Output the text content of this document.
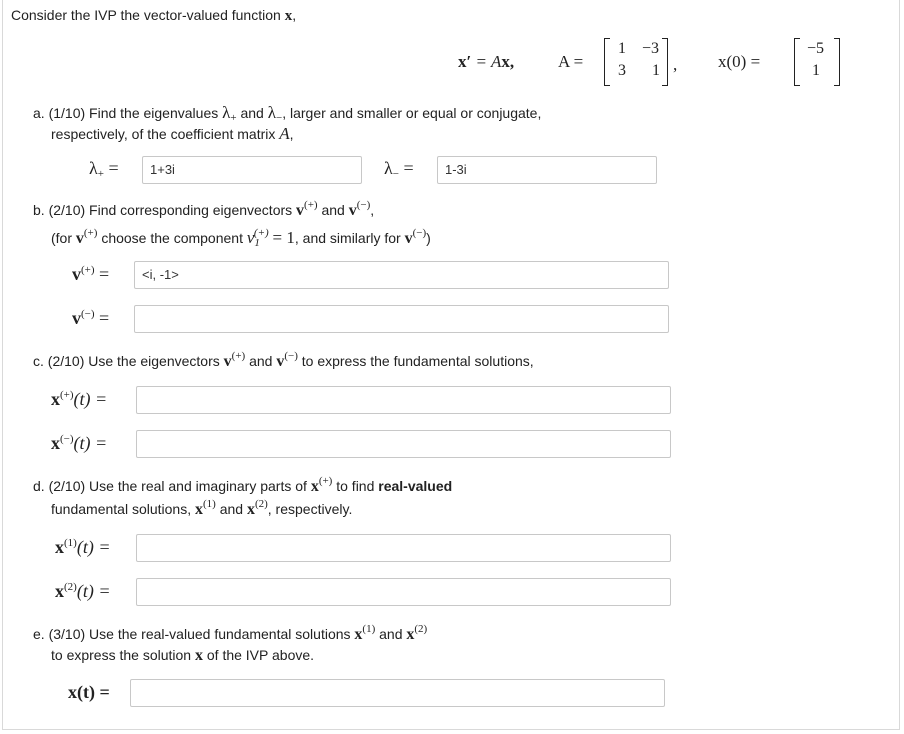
Consider the IVP the vector-valued function x,
x′ = Ax,	A =
1 −3
3 1 , x(0) =
−5
1
a. (1/10) Find the eigenvalues $\lambda_+$ and $\lambda_-$, larger and smaller or equal or conjugate,
respectively, of the coefficient matrix A,
$\lambda_+$ =	1+3i	$\lambda_-$ =	1-3i
b. (2/10) Find corresponding eigenvectors v(+) and v(−),
(for v(+) choose the component $v_1^{(+)} = 1$, and similarly for v(−))
v(+) =	<i, -1>
v(−) =
c. (2/10) Use the eigenvectors v(+) and v(−) to express the fundamental solutions,
x(+)(t) =
x(−)(t) =
d. (2/10) Use the real and imaginary parts of x(+) to find real-valued
fundamental solutions, $x^{(1)}$ and $x^{(2)}$, respectively.
$x^{(1)}(t)$ =
$x^{(2)}(t)$ =
e. (3/10) Use the real-valued fundamental solutions $x^{(1)}$ and $x^{(2)}$
to express the solution x of the IVP above.
x(t) =
